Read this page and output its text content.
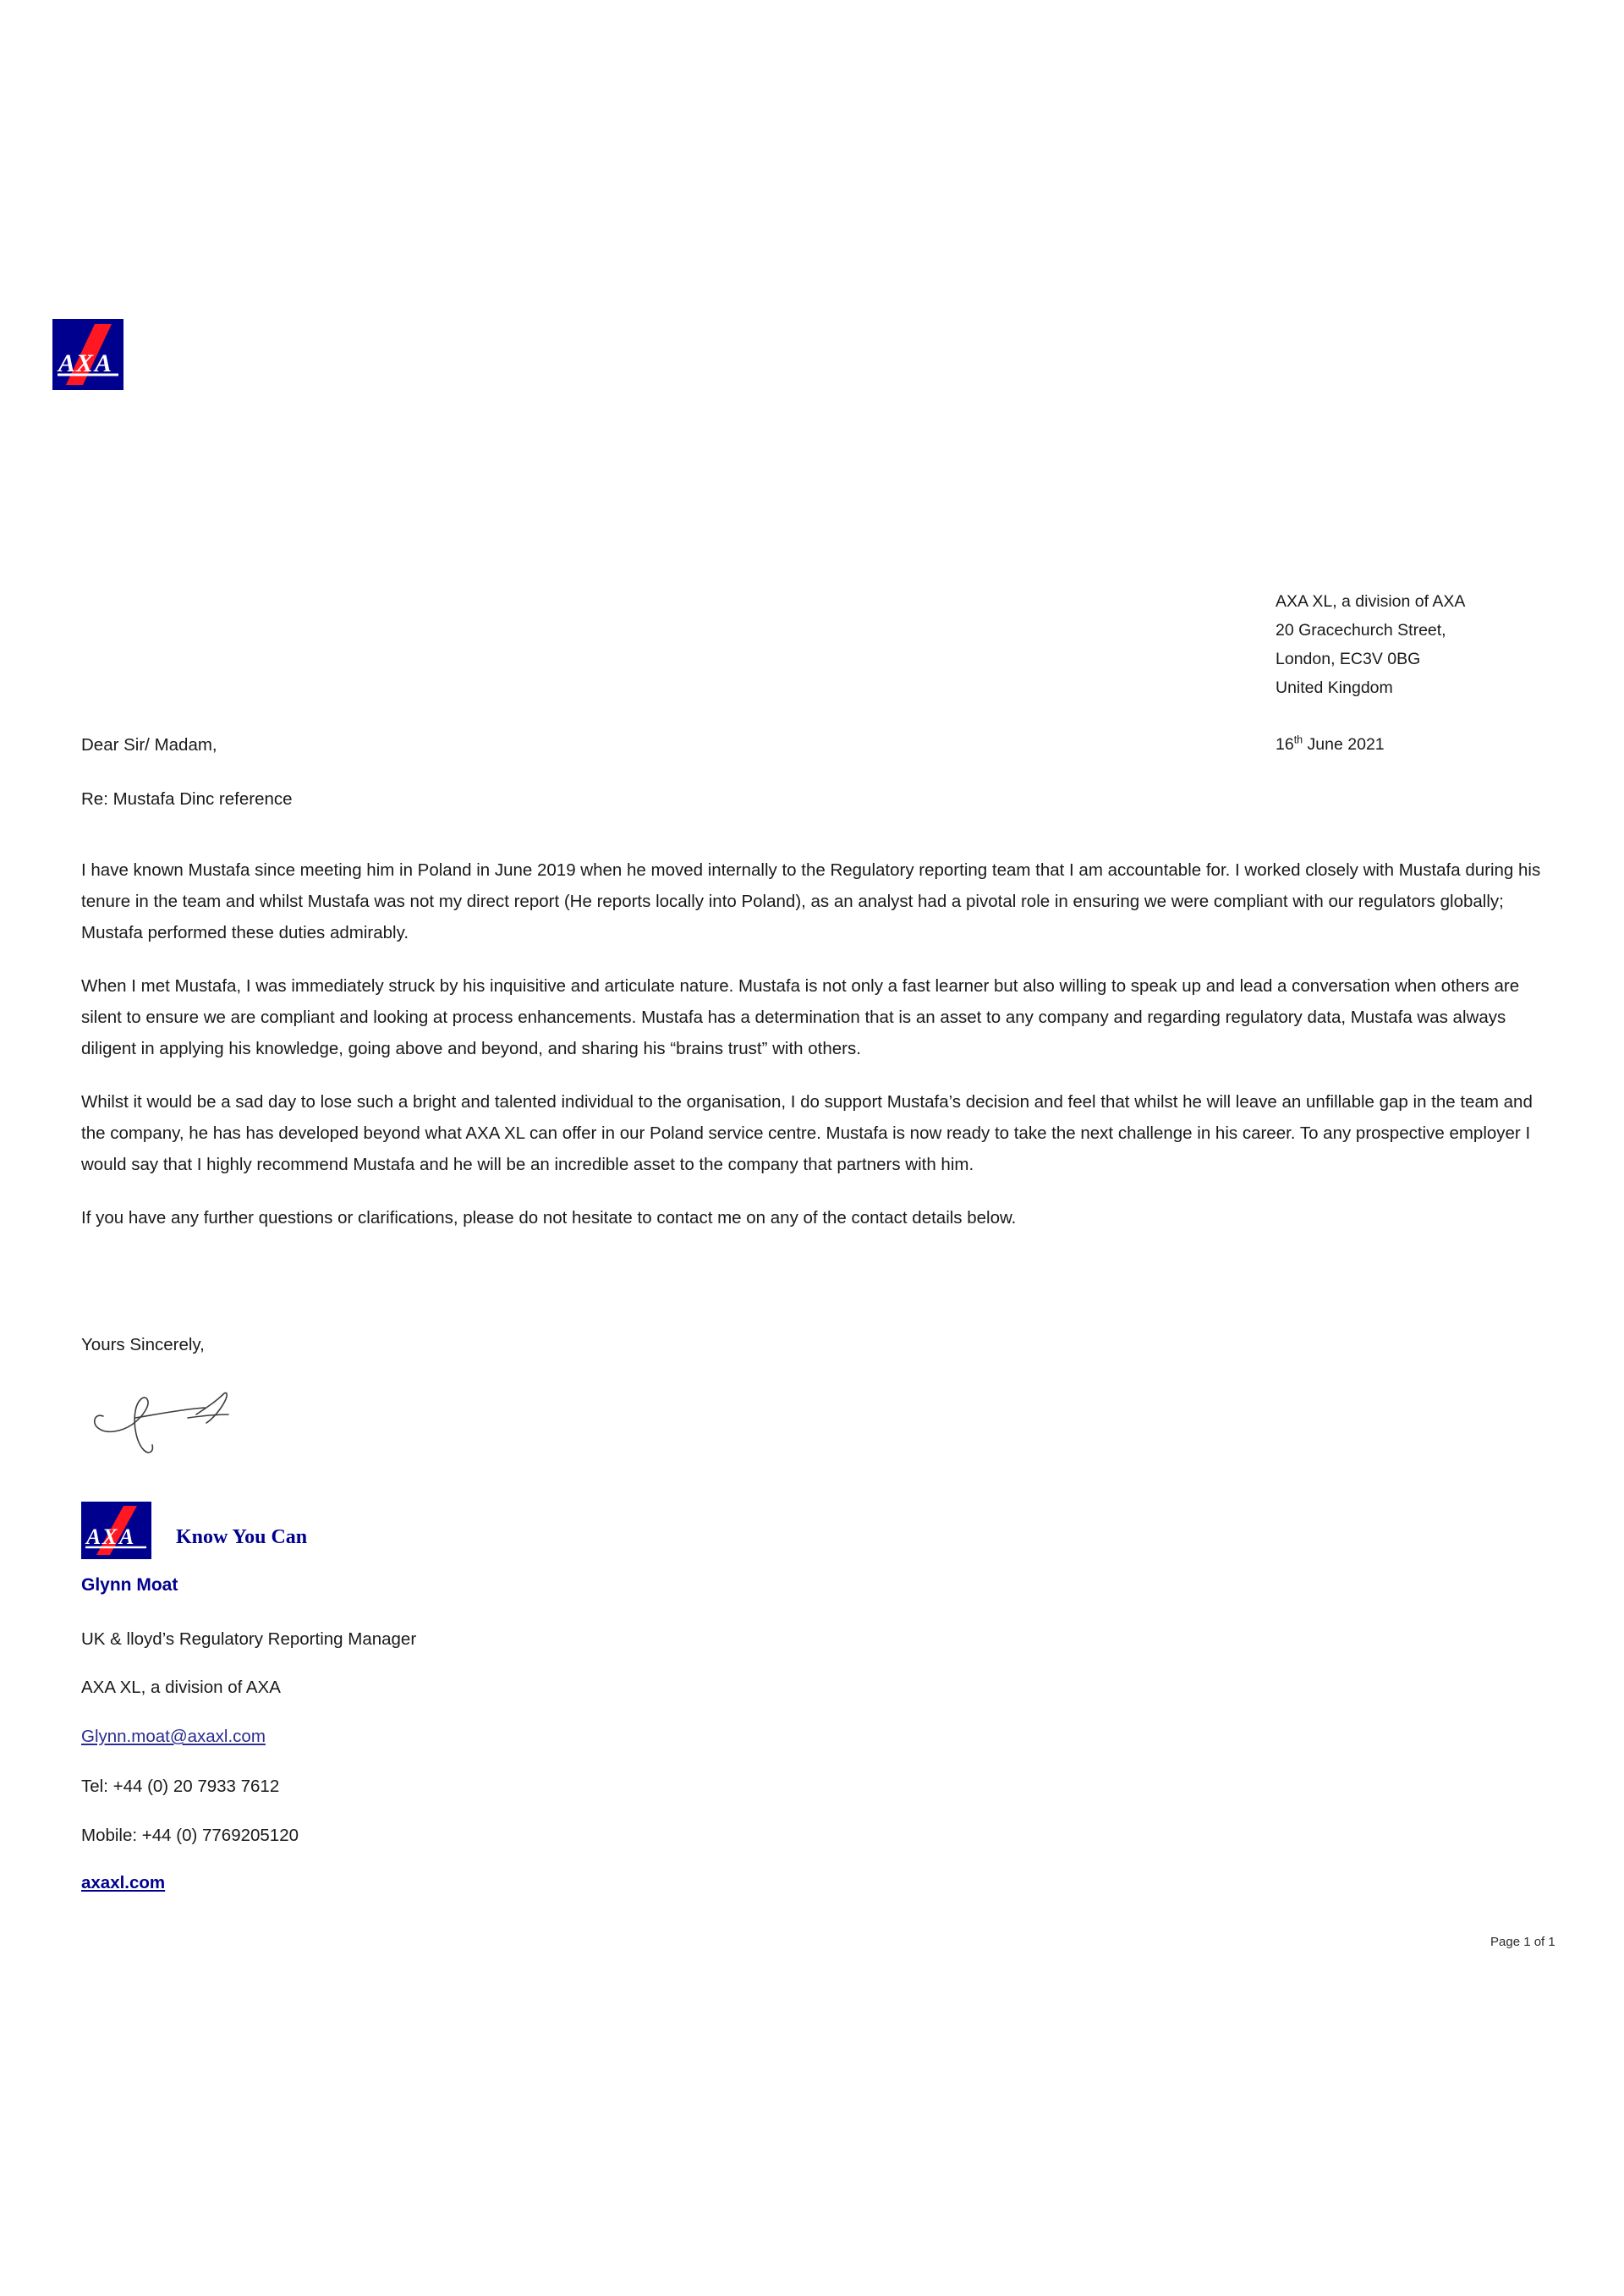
A X A
AXA XL, a division of AXA
20 Gracechurch Street,
London, EC3V 0BG
United Kingdom
16th June 2021
Dear Sir/ Madam,
Re: Mustafa Dinc reference

I have known Mustafa since meeting him in Poland in June 2019 when he moved internally to the Regulatory reporting team that I am accountable for. I worked closely with Mustafa during his tenure in the team and whilst Mustafa was not my direct report (He reports locally into Poland), as an analyst had a pivotal role in ensuring we were compliant with our regulators globally; Mustafa performed these duties admirably.

When I met Mustafa, I was immediately struck by his inquisitive and articulate nature. Mustafa is not only a fast learner but also willing to speak up and lead a conversation when others are silent to ensure we are compliant and looking at process enhancements. Mustafa has a determination that is an asset to any company and regarding regulatory data, Mustafa was always diligent in applying his knowledge, going above and beyond, and sharing his “brains trust” with others.

Whilst it would be a sad day to lose such a bright and talented individual to the organisation, I do support Mustafa’s decision and feel that whilst he will leave an unfillable gap in the team and the company, he has has developed beyond what AXA XL can offer in our Poland service centre. Mustafa is now ready to take the next challenge in his career. To any prospective employer I would say that I highly recommend Mustafa and he will be an incredible asset to the company that partners with him.

If you have any further questions or clarifications, please do not hesitate to contact me on any of the contact details below.

Yours Sincerely,
A X A Know You Can
Glynn Moat
UK & lloyd’s Regulatory Reporting Manager
AXA XL, a division of AXA
Glynn.moat@axaxl.com
Tel: +44 (0) 20 7933 7612
Mobile: +44 (0) 7769205120
axaxl.com
Page 1 of 1
